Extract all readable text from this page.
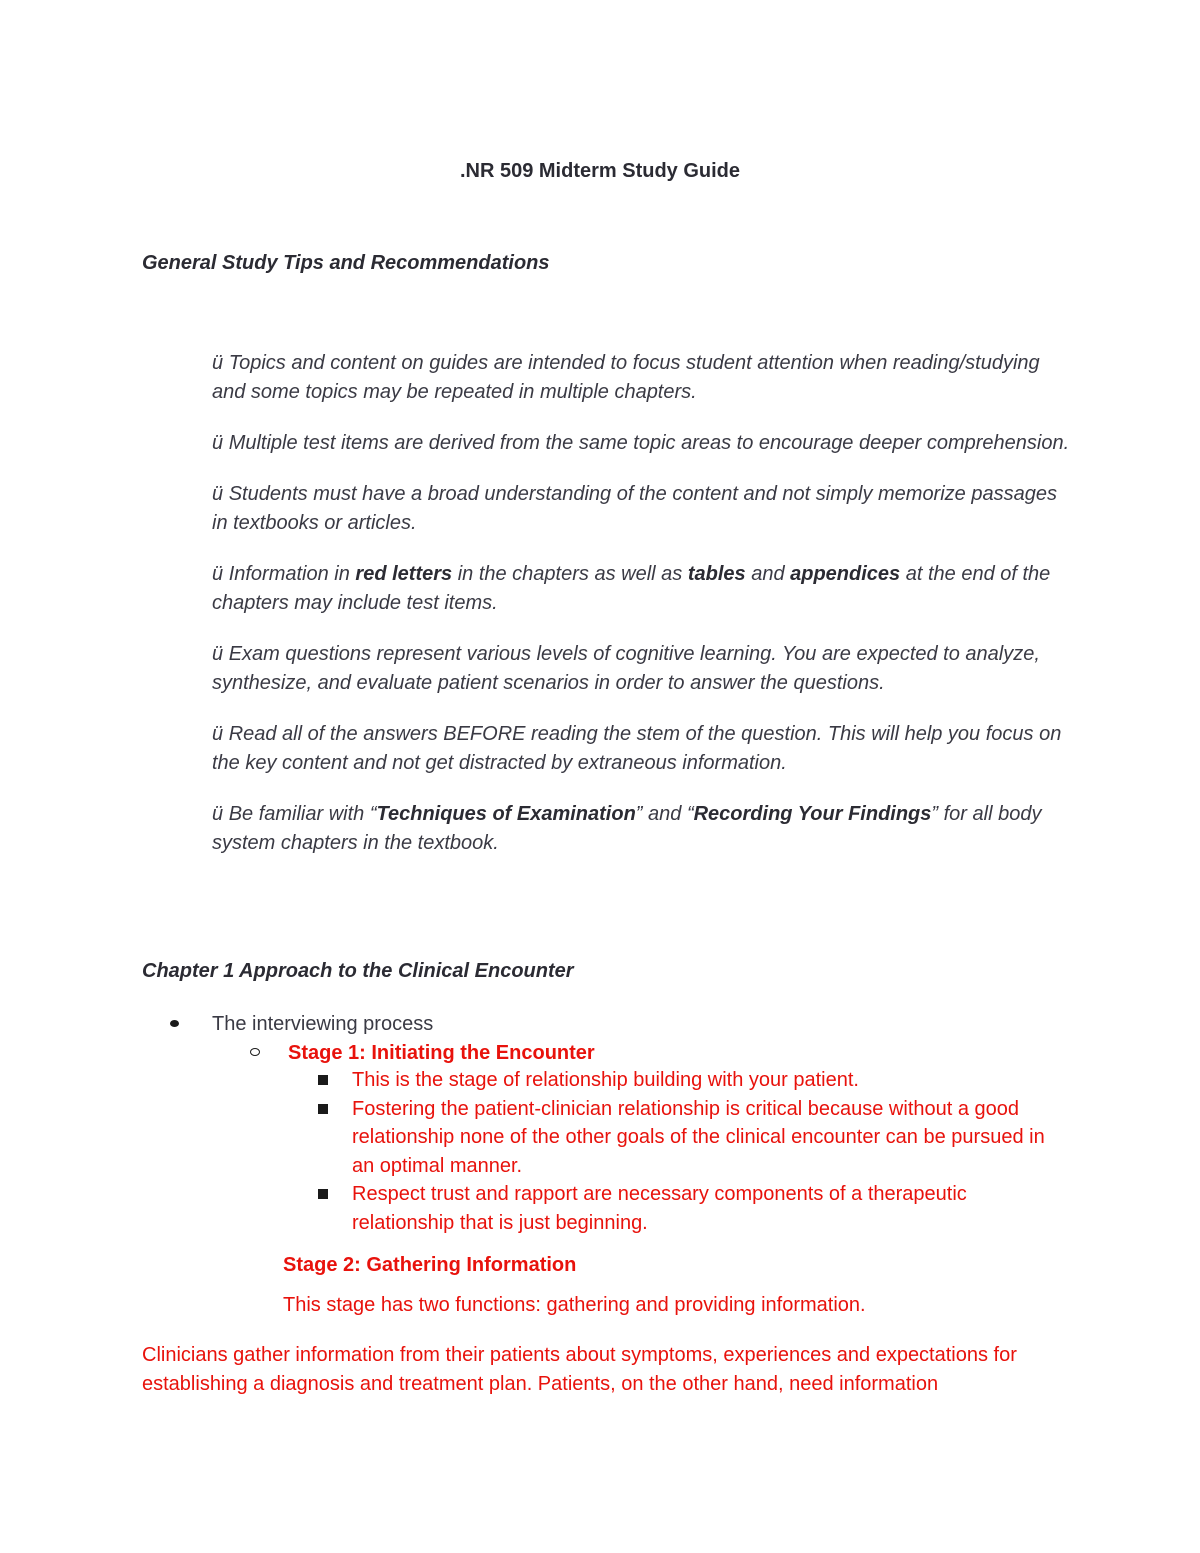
.NR 509 Midterm Study Guide
General Study Tips and Recommendations

ü Topics and content on guides are intended to focus student attention when reading/studying and some topics may be repeated in multiple chapters.

ü Multiple test items are derived from the same topic areas to encourage deeper comprehension.

ü Students must have a broad understanding of the content and not simply memorize passages in textbooks or articles.

ü Information in red letters in the chapters as well as tables and appendices at the end of the chapters may include test items.

ü Exam questions represent various levels of cognitive learning. You are expected to analyze, synthesize, and evaluate patient scenarios in order to answer the questions.

ü Read all of the answers BEFORE reading the stem of the question. This will help you focus on the key content and not get distracted by extraneous information.

ü Be familiar with “Techniques of Examination” and “Recording Your Findings” for all body system chapters in the textbook.

Chapter 1 Approach to the Clinical Encounter
The interviewing process
Stage 1: Initiating the Encounter
This is the stage of relationship building with your patient.
Fostering the patient-clinician relationship is critical because without a good relationship none of the other goals of the clinical encounter can be pursued in an optimal manner.
Respect trust and rapport are necessary components of a therapeutic relationship that is just beginning.
Stage 2: Gathering Information
This stage has two functions: gathering and providing information.
Clinicians gather information from their patients about symptoms, experiences and expectations for establishing a diagnosis and treatment plan. Patients, on the other hand, need information
